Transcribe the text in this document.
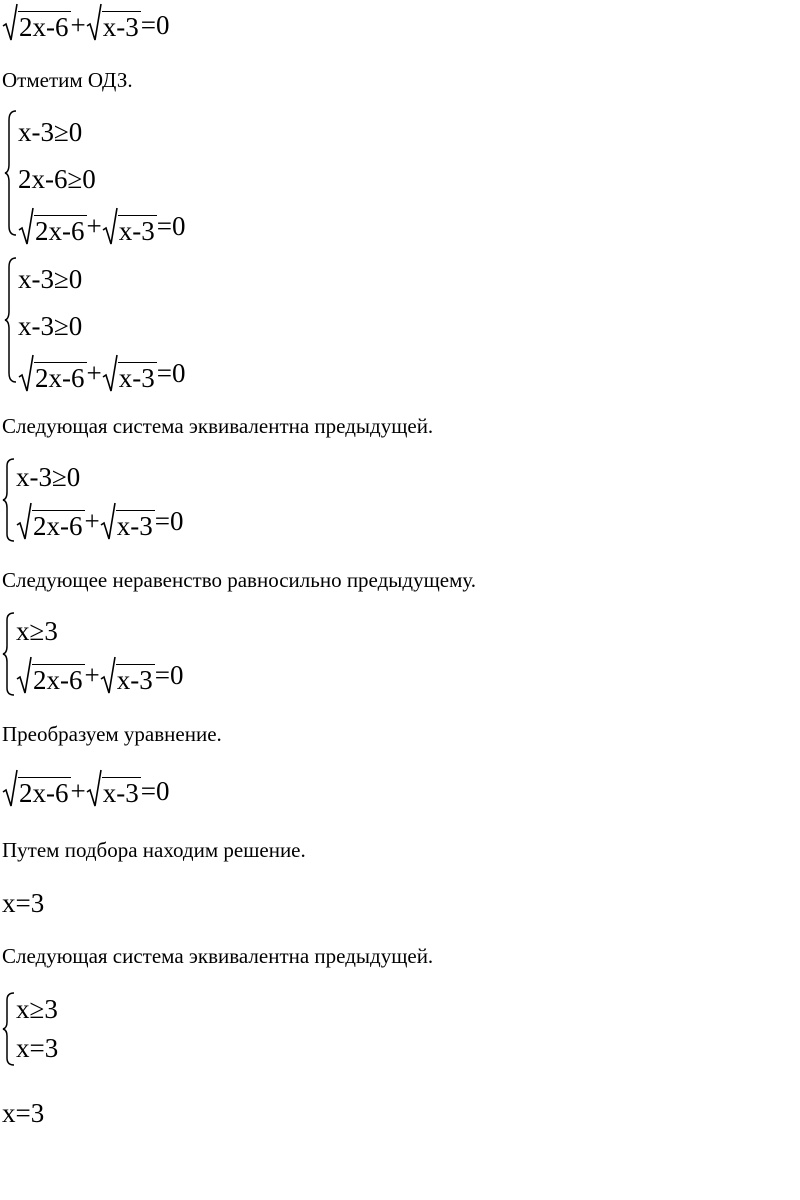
2x-6 + x-3 =0
Отметим ОДЗ.
x-3≥0
2x-6≥0
2x-6 + x-3 =0
x-3≥0
x-3≥0
2x-6 + x-3 =0
Следующая система эквивалентна предыдущей.
x-3≥0
2x-6 + x-3 =0
Следующее неравенство равносильно предыдущему.
x≥3
2x-6 + x-3 =0
Преобразуем уравнение.
2x-6 + x-3 =0
Путем подбора находим решение.
x=3
Следующая система эквивалентна предыдущей.
x≥3
x=3
x=3
